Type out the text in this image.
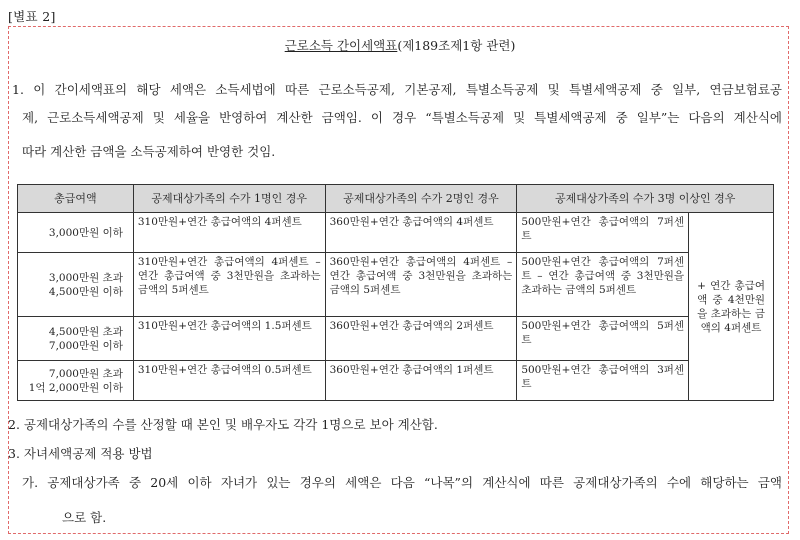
[별표 2]
근로소득 간이세액표(제189조제1항 관련)
1. 이 간이세액표의 해당 세액은 소득세법에 따른 근로소득공제, 기본공제, 특별소득공제 및 특별세액공제 중 일부, 연금보험료공
제, 근로소득세액공제 및 세율을 반영하여 계산한 금액임. 이 경우 “특별소득공제 및 특별세액공제 중 일부”는 다음의 계산식에
따라 계산한 금액을 소득공제하여 반영한 것임.
총급여액	공제대상가족의 수가 1명인 경우	공제대상가족의 수가 2명인 경우	공제대상가족의 수가 3명 이상인 경우	

3,000만원 이하	310만원+연간 총급여액의 4퍼센트	360만원+연간 총급여액의 4퍼센트	500만원+연간 총급여액의 7퍼센트	+ 연간 총급여액 중 4천만원을 초과하는 금액의 4퍼센트

3,000만원 초과
4,500만원 이하	310만원+연간 총급여액의 4퍼센트 – 연간 총급여액 중 3천만원을 초과하는 금액의 5퍼센트	360만원+연간 총급여액의 4퍼센트 – 연간 총급여액 중 3천만원을 초과하는 금액의 5퍼센트	500만원+연간 총급여액의 7퍼센트 – 연간 총급여액 중 3천만원을 초과하는 금액의 5퍼센트	

4,500만원 초과
7,000만원 이하	310만원+연간 총급여액의 1.5퍼센트	360만원+연간 총급여액의 2퍼센트	500만원+연간 총급여액의 5퍼센트	

7,000만원 초과
1억 2,000만원 이하	310만원+연간 총급여액의 0.5퍼센트	360만원+연간 총급여액의 1퍼센트	500만원+연간 총급여액의 3퍼센트	
2. 공제대상가족의 수를 산정할 때 본인 및 배우자도 각각 1명으로 보아 계산함.
3. 자녀세액공제 적용 방법
가. 공제대상가족 중 20세 이하 자녀가 있는 경우의 세액은 다음 “나목”의 계산식에 따른 공제대상가족의 수에 해당하는 금액
으로 함.
